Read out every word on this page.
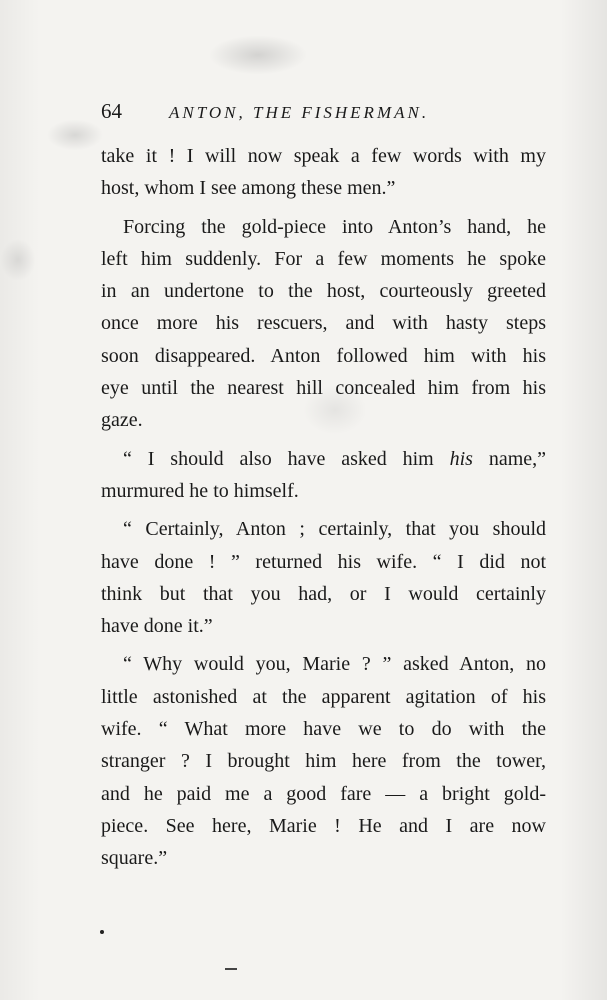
64	ANTON, THE FISHERMAN.
take it ! I will now speak a few words with my
host, whom I see among these men.”
Forcing the gold-piece into Anton’s hand, he
left him suddenly. For a few moments he spoke
in an undertone to the host, courteously greeted
once more his rescuers, and with hasty steps
soon disappeared. Anton followed him with his
eye until the nearest hill concealed him from his
gaze.
“ I should also have asked him his name,”
murmured he to himself.
“ Certainly, Anton ; certainly, that you should
have done ! ” returned his wife. “ I did not
think but that you had, or I would certainly
have done it.”
“ Why would you, Marie ? ” asked Anton, no
little astonished at the apparent agitation of his
wife. “ What more have we to do with the
stranger ? I brought him here from the tower,
and he paid me a good fare — a bright gold-
piece. See here, Marie ! He and I are now
square.”
